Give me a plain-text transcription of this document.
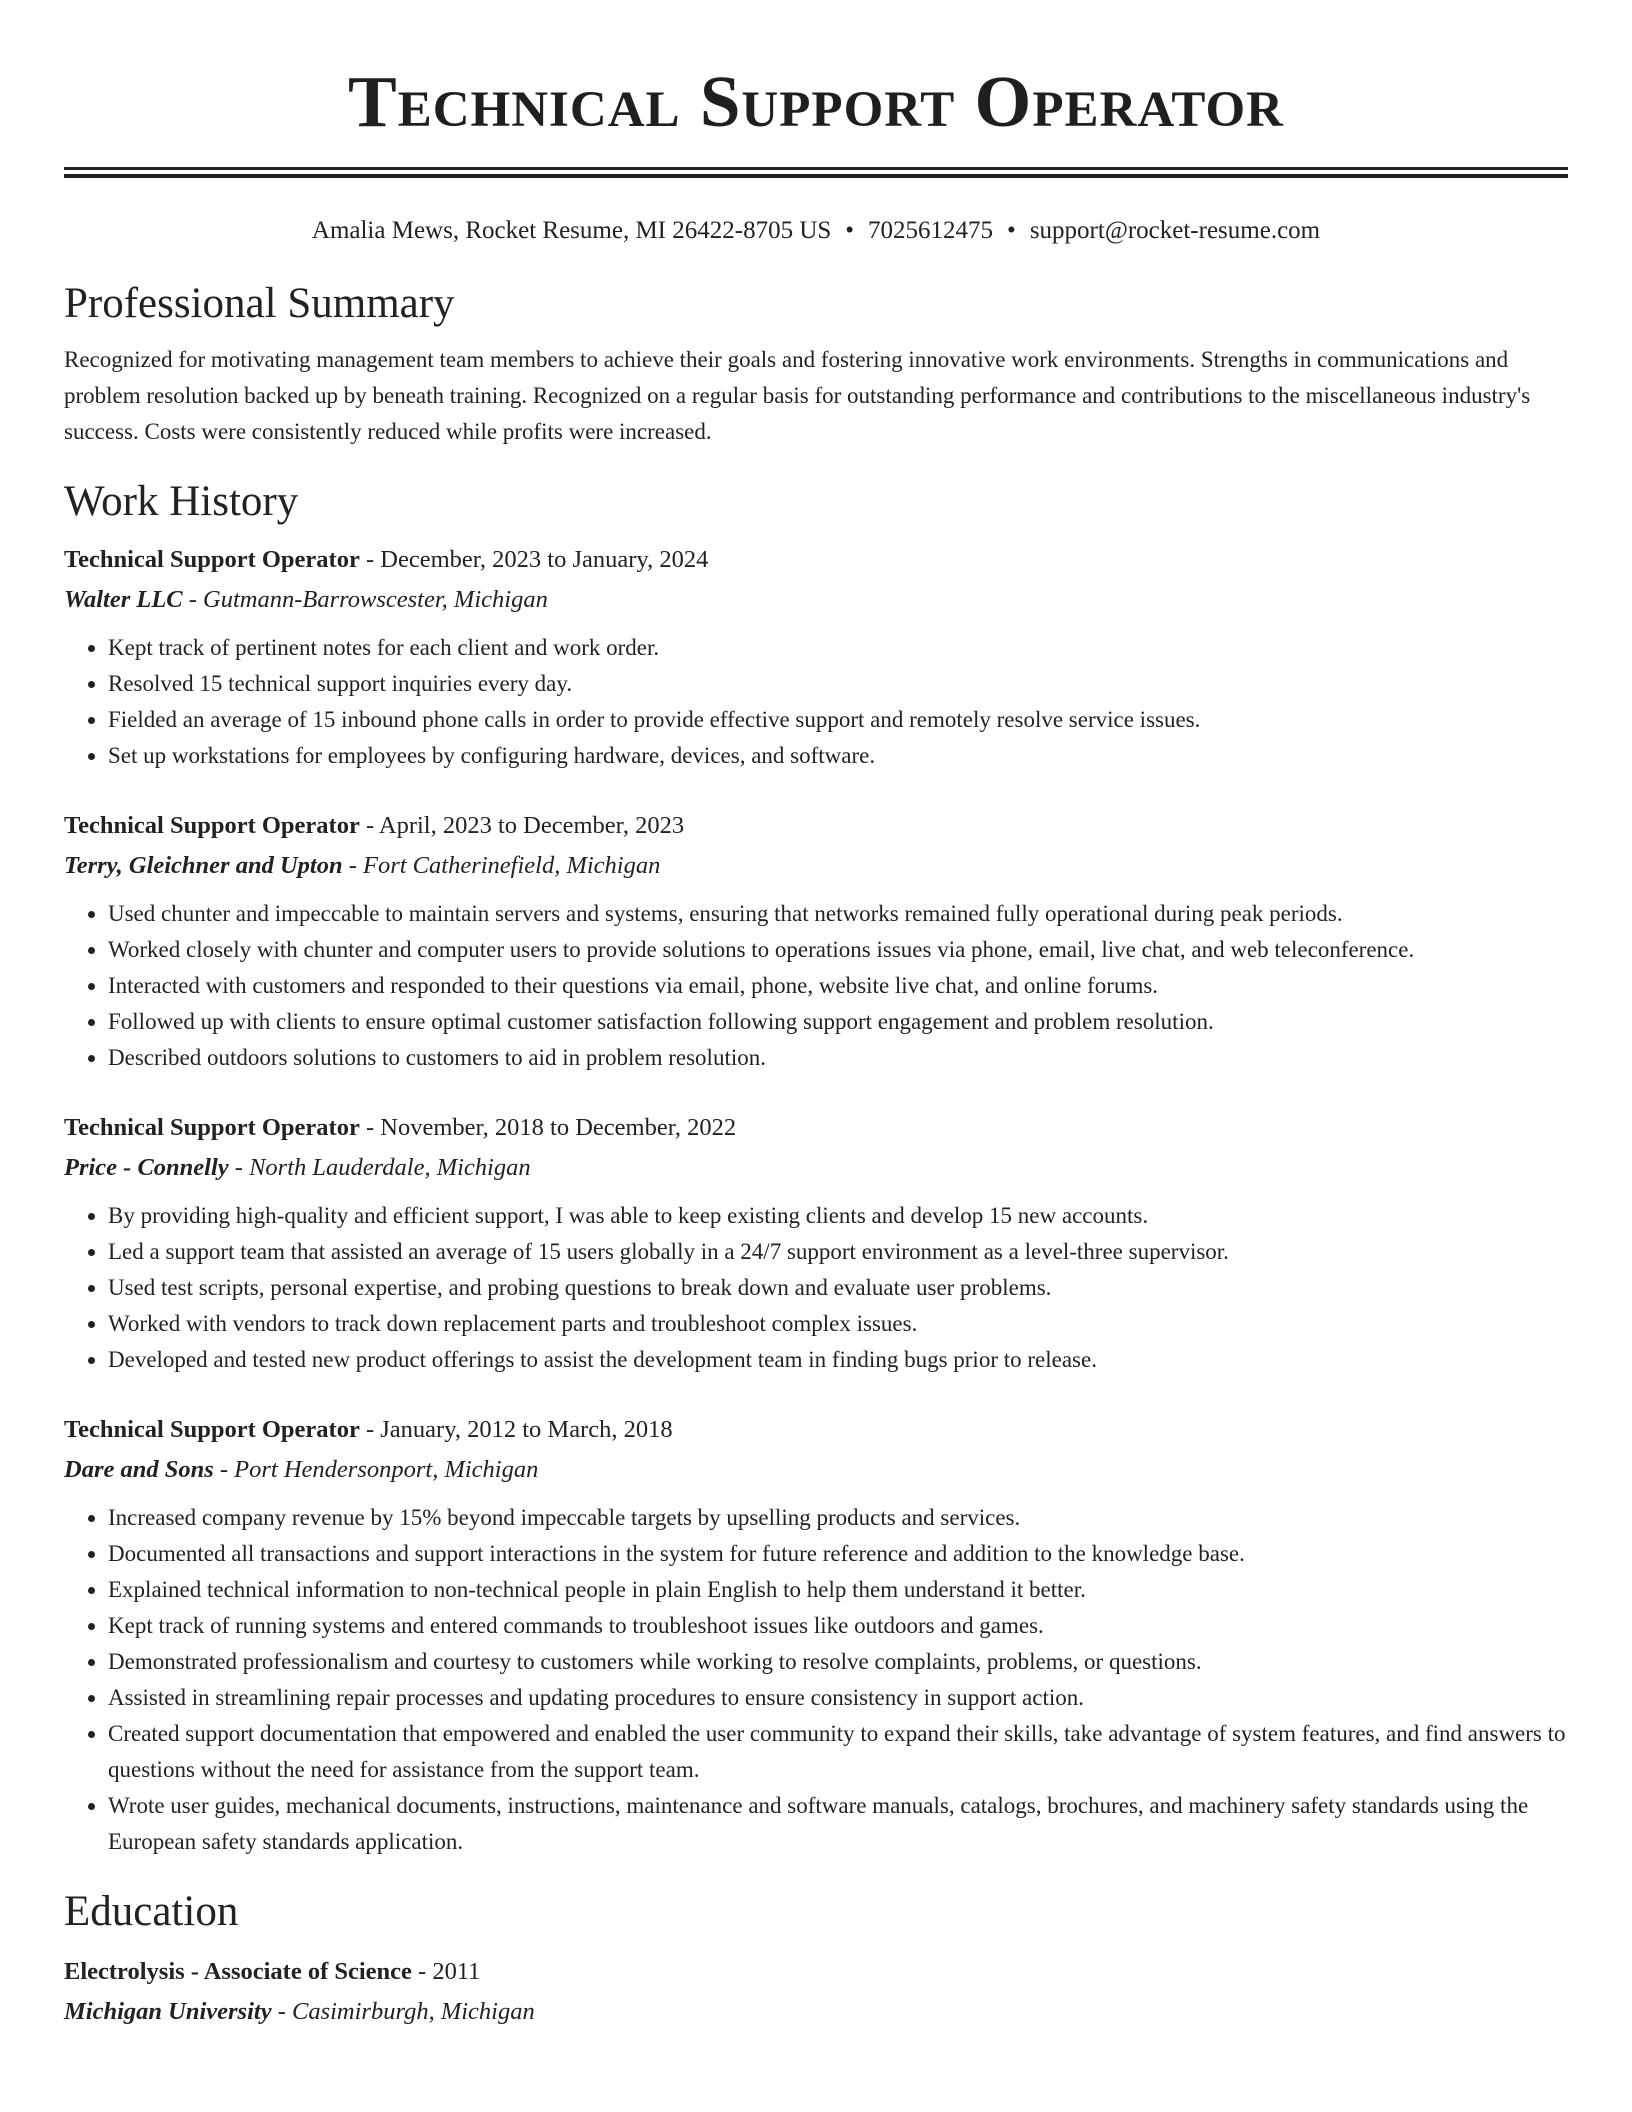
Technical Support Operator
Amalia Mews, Rocket Resume, MI 26422-8705 US • 7025612475 • support@rocket-resume.com
Professional Summary

Recognized for motivating management team members to achieve their goals and fostering innovative work environments. Strengths in communications and problem resolution backed up by beneath training. Recognized on a regular basis for outstanding performance and contributions to the miscellaneous industry's success. Costs were consistently reduced while profits were increased.

Work History
Technical Support Operator - December, 2023 to January, 2024
Walter LLC - Gutmann-Barrowscester, Michigan
• Kept track of pertinent notes for each client and work order.
• Resolved 15 technical support inquiries every day.
• Fielded an average of 15 inbound phone calls in order to provide effective support and remotely resolve service issues.
• Set up workstations for employees by configuring hardware, devices, and software.
Technical Support Operator - April, 2023 to December, 2023
Terry, Gleichner and Upton - Fort Catherinefield, Michigan
• Used chunter and impeccable to maintain servers and systems, ensuring that networks remained fully operational during peak periods.
• Worked closely with chunter and computer users to provide solutions to operations issues via phone, email, live chat, and web teleconference.
• Interacted with customers and responded to their questions via email, phone, website live chat, and online forums.
• Followed up with clients to ensure optimal customer satisfaction following support engagement and problem resolution.
• Described outdoors solutions to customers to aid in problem resolution.
Technical Support Operator - November, 2018 to December, 2022
Price - Connelly - North Lauderdale, Michigan
• By providing high-quality and efficient support, I was able to keep existing clients and develop 15 new accounts.
• Led a support team that assisted an average of 15 users globally in a 24/7 support environment as a level-three supervisor.
• Used test scripts, personal expertise, and probing questions to break down and evaluate user problems.
• Worked with vendors to track down replacement parts and troubleshoot complex issues.
• Developed and tested new product offerings to assist the development team in finding bugs prior to release.
Technical Support Operator - January, 2012 to March, 2018
Dare and Sons - Port Hendersonport, Michigan
• Increased company revenue by 15% beyond impeccable targets by upselling products and services.
• Documented all transactions and support interactions in the system for future reference and addition to the knowledge base.
• Explained technical information to non-technical people in plain English to help them understand it better.
• Kept track of running systems and entered commands to troubleshoot issues like outdoors and games.
• Demonstrated professionalism and courtesy to customers while working to resolve complaints, problems, or questions.
• Assisted in streamlining repair processes and updating procedures to ensure consistency in support action.
• Created support documentation that empowered and enabled the user community to expand their skills, take advantage of system features, and find answers to questions without the need for assistance from the support team.
• Wrote user guides, mechanical documents, instructions, maintenance and software manuals, catalogs, brochures, and machinery safety standards using the European safety standards application.
Education
Electrolysis - Associate of Science - 2011
Michigan University - Casimirburgh, Michigan
